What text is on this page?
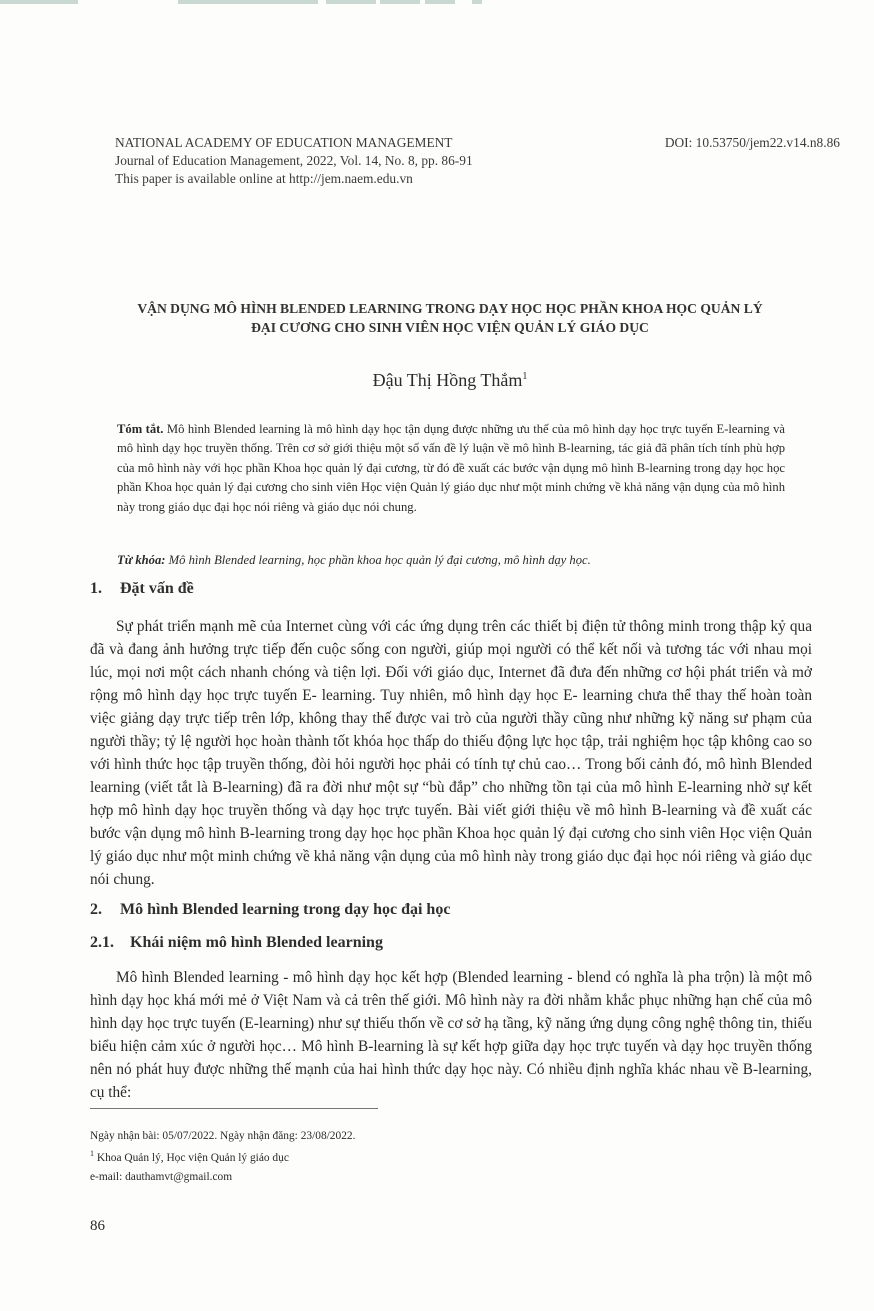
NATIONAL ACADEMY OF EDUCATION MANAGEMENT
Journal of Education Management, 2022, Vol. 14, No. 8, pp. 86-91
This paper is available online at http://jem.naem.edu.vn
DOI: 10.53750/jem22.v14.n8.86
VẬN DỤNG MÔ HÌNH BLENDED LEARNING TRONG DẠY HỌC HỌC PHẦN KHOA HỌC QUẢN LÝ
ĐẠI CƯƠNG CHO SINH VIÊN HỌC VIỆN QUẢN LÝ GIÁO DỤC
Đậu Thị Hồng Thắm$^1$
Tóm tắt. Mô hình Blended learning là mô hình dạy học tận dụng được những ưu thế của mô hình dạy học trực tuyến E-learning và mô hình dạy học truyền thống. Trên cơ sở giới thiệu một số vấn đề lý luận về mô hình B-learning, tác giả đã phân tích tính phù hợp của mô hình này với học phần Khoa học quản lý đại cương, từ đó đề xuất các bước vận dụng mô hình B-learning trong dạy học học phần Khoa học quản lý đại cương cho sinh viên Học viện Quản lý giáo dục như một minh chứng về khả năng vận dụng của mô hình này trong giáo dục đại học nói riêng và giáo dục nói chung.
Từ khóa: Mô hình Blended learning, học phần khoa học quản lý đại cương, mô hình dạy học.
1. Đặt vấn đề
Sự phát triển mạnh mẽ của Internet cùng với các ứng dụng trên các thiết bị điện tử thông minh trong thập kỷ qua đã và đang ảnh hưởng trực tiếp đến cuộc sống con người, giúp mọi người có thể kết nối và tương tác với nhau mọi lúc, mọi nơi một cách nhanh chóng và tiện lợi. Đối với giáo dục, Internet đã đưa đến những cơ hội phát triển và mở rộng mô hình dạy học trực tuyến E- learning. Tuy nhiên, mô hình dạy học E- learning chưa thể thay thế hoàn toàn việc giảng dạy trực tiếp trên lớp, không thay thế được vai trò của người thầy cũng như những kỹ năng sư phạm của người thầy; tỷ lệ người học hoàn thành tốt khóa học thấp do thiếu động lực học tập, trải nghiệm học tập không cao so với hình thức học tập truyền thống, đòi hỏi người học phải có tính tự chủ cao… Trong bối cảnh đó, mô hình Blended learning (viết tắt là B-learning) đã ra đời như một sự “bù đắp” cho những tồn tại của mô hình E-learning nhờ sự kết hợp mô hình dạy học truyền thống và dạy học trực tuyến. Bài viết giới thiệu về mô hình B-learning và đề xuất các bước vận dụng mô hình B-learning trong dạy học học phần Khoa học quản lý đại cương cho sinh viên Học viện Quản lý giáo dục như một minh chứng về khả năng vận dụng của mô hình này trong giáo dục đại học nói riêng và giáo dục nói chung.
2. Mô hình Blended learning trong dạy học đại học
2.1. Khái niệm mô hình Blended learning
Mô hình Blended learning - mô hình dạy học kết hợp (Blended learning - blend có nghĩa là pha trộn) là một mô hình dạy học khá mới mẻ ở Việt Nam và cả trên thế giới. Mô hình này ra đời nhằm khắc phục những hạn chế của mô hình dạy học trực tuyến (E-learning) như sự thiếu thốn về cơ sở hạ tầng, kỹ năng ứng dụng công nghệ thông tin, thiếu biểu hiện cảm xúc ở người học… Mô hình B-learning là sự kết hợp giữa dạy học trực tuyến và dạy học truyền thống nên nó phát huy được những thế mạnh của hai hình thức dạy học này. Có nhiều định nghĩa khác nhau về B-learning, cụ thể:
Ngày nhận bài: 05/07/2022. Ngày nhận đăng: 23/08/2022.
$^1$ Khoa Quản lý, Học viện Quản lý giáo dục
e-mail: dauthamvt@gmail.com
86
